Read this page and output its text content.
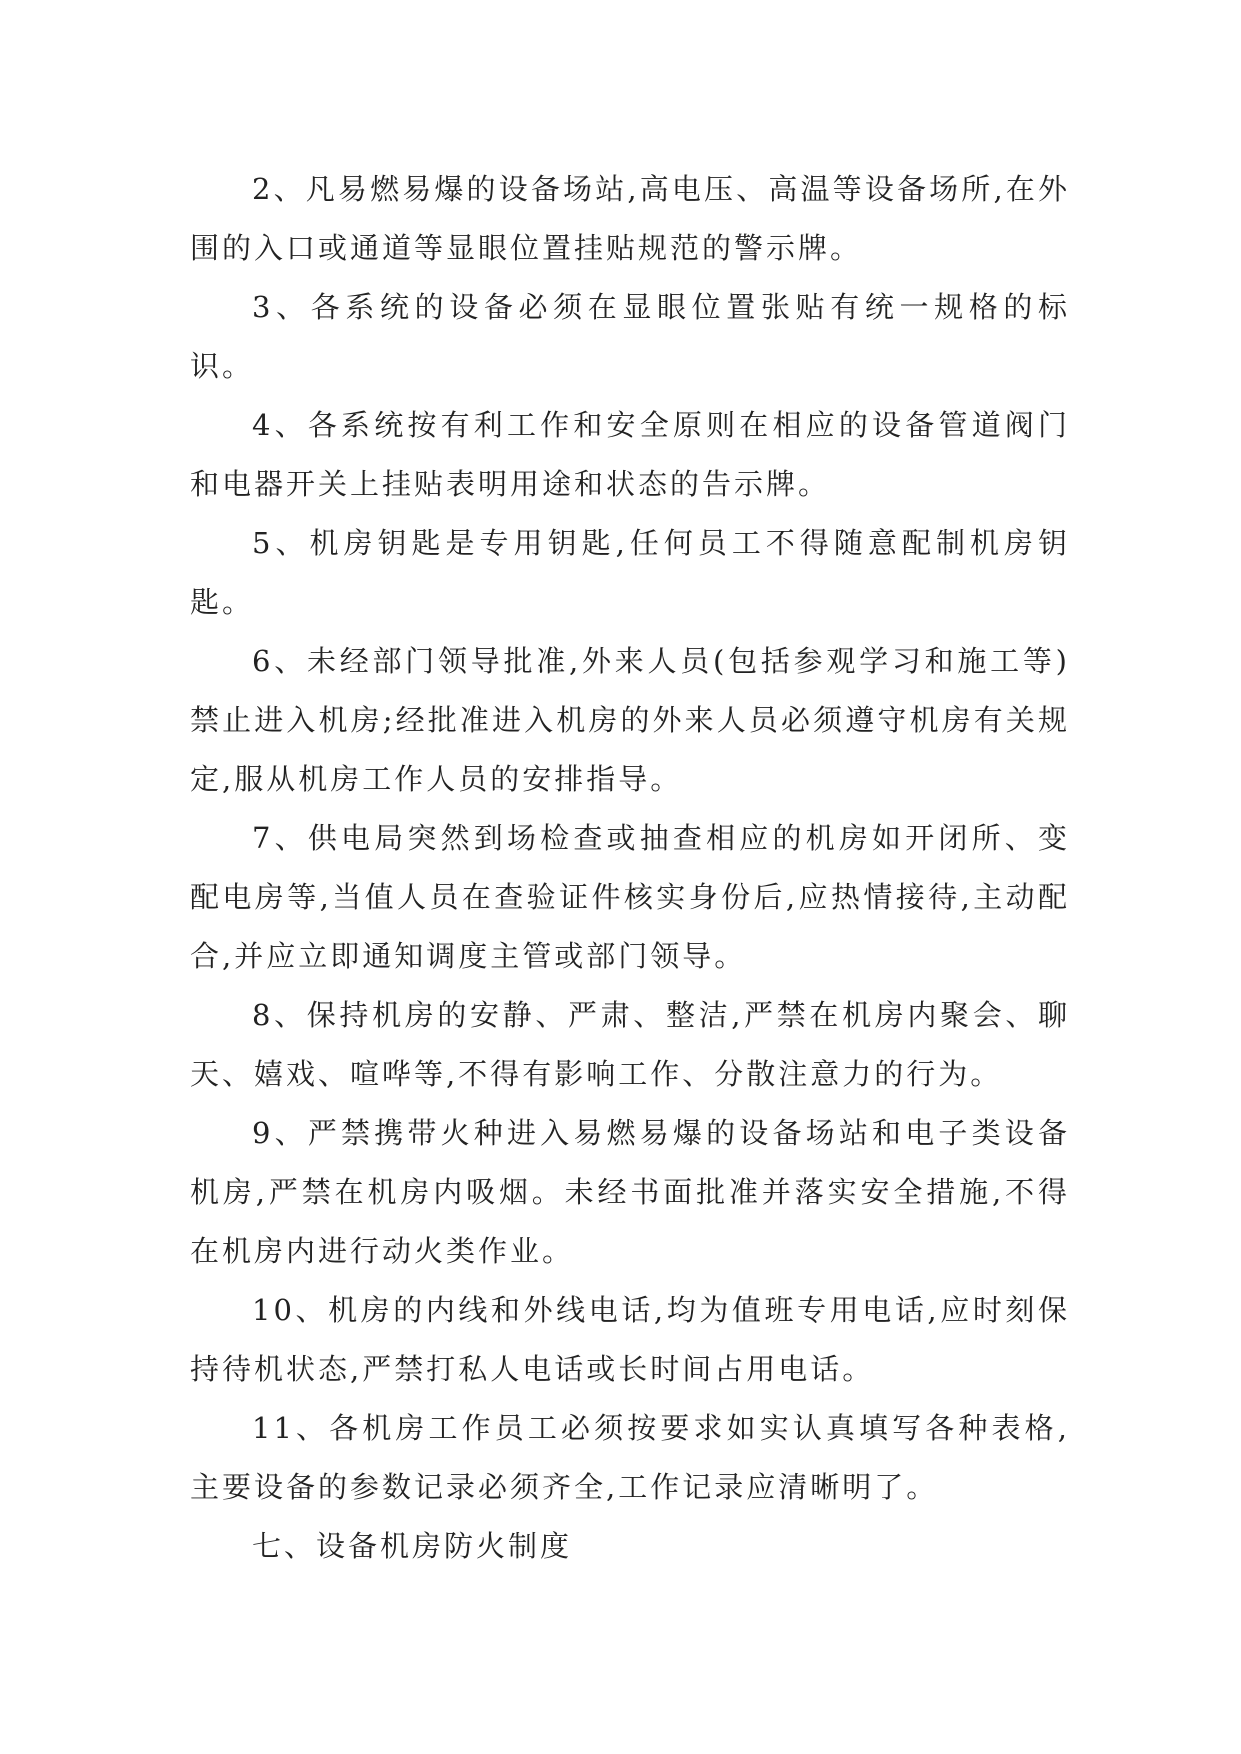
2、凡易燃易爆的设备场站,高电压、高温等设备场所,在外围的入口或通道等显眼位置挂贴规范的警示牌。

3、各系统的设备必须在显眼位置张贴有统一规格的标识。

4、各系统按有利工作和安全原则在相应的设备管道阀门和电器开关上挂贴表明用途和状态的告示牌。

5、机房钥匙是专用钥匙,任何员工不得随意配制机房钥匙。

6、未经部门领导批准,外来人员(包括参观学习和施工等)禁止进入机房;经批准进入机房的外来人员必须遵守机房有关规定,服从机房工作人员的安排指导。

7、供电局突然到场检查或抽查相应的机房如开闭所、变配电房等,当值人员在查验证件核实身份后,应热情接待,主动配合,并应立即通知调度主管或部门领导。

8、保持机房的安静、严肃、整洁,严禁在机房内聚会、聊天、嬉戏、喧哗等,不得有影响工作、分散注意力的行为。

9、严禁携带火种进入易燃易爆的设备场站和电子类设备机房,严禁在机房内吸烟。未经书面批准并落实安全措施,不得在机房内进行动火类作业。

10、机房的内线和外线电话,均为值班专用电话,应时刻保持待机状态,严禁打私人电话或长时间占用电话。

11、各机房工作员工必须按要求如实认真填写各种表格,主要设备的参数记录必须齐全,工作记录应清晰明了。

七、设备机房防火制度
